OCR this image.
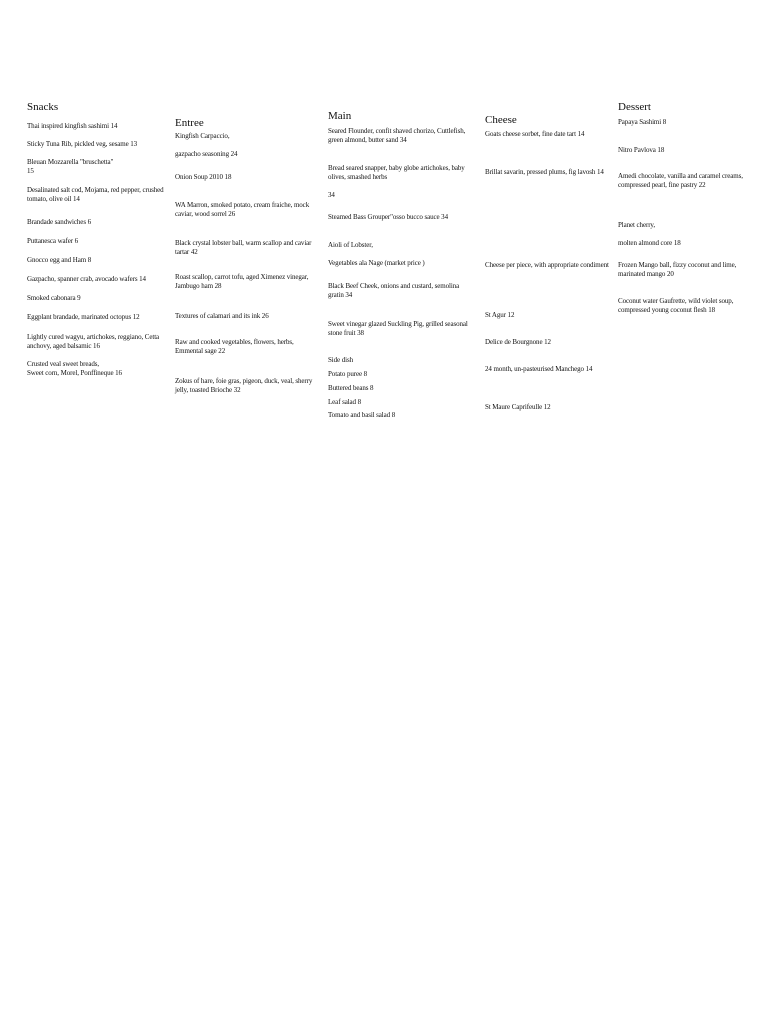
Snacks
Thai inspired kingfish sashimi 14
Sticky Tuna Rib, pickled veg, sesame 13
Bleuan Mozzarella "bruschetta"
15
Desalinated salt cod, Mojama, red pepper, crushed tomato, olive oil 14
Brandade sandwiches 6
Puttanesca wafer 6
Gnocco egg and Ham 8
Gazpacho, spanner crab, avocado wafers 14
Smoked cabonara 9
Eggplant brandade, marinated octopus 12
Lightly cured wagyu, artichokes, reggiano, Cetta anchovy, aged balsamic 16
Crusted veal sweet breads,
Sweet corn, Morel, Ponffineque 16
Entree
Kingfish Carpaccio,

gazpacho seasoning 24
Onion Soup 2010 18
WA Marron, smoked potato, cream fraiche, mock caviar, wood sorrel 26
Black crystal lobster ball, warm scallop and caviar tartar 42
Roast scallop, carrot tofu, aged Ximenez vinegar, Jambugo ham 28
Textures of calamari and its ink 26
Raw and cooked vegetables, flowers, herbs, Emmental sage 22
Zokus of hare, foie gras, pigeon, duck, veal, sherry jelly, toasted Brioche 32
Main
Seared Flounder, confit shaved chorizo, Cuttlefish, green almond, butter sand 34
Bread seared snapper, baby globe artichokes, baby olives, smashed herbs

34
Steamed Bass Grouper"osso bucco sauce 34
Aioli of Lobster,

Vegetables ala Nage (market price )
Black Beef Cheek, onions and custard, semolina gratin 34
Sweet vinegar glazed Suckling Pig, grilled seasonal stone fruit 38
Side dish
Potato puree 8
Buttered beans 8
Leaf salad 8
Tomato and basil salad 8
Cheese
Goats cheese sorbet, fine date tart 14
Brillat savarin, pressed plums, fig lavosh 14
Cheese per piece, with appropriate condiment
St Agur 12
Delice de Bourgnone 12
24 month, un-pasteurised Manchego 14
St Maure Caprifeulle 12
Dessert
Papaya Sashimi 8
Nitro Pavlova 18
Amedi chocolate, vanilla and caramel creams, compressed pearl, fine pastry 22
Planet cherry,

molten almond core 18
Frozen Mango ball, fizzy coconut and lime, marinated mango 20
Coconut water Gaufrette, wild violet soup, compressed young coconut flesh 18
